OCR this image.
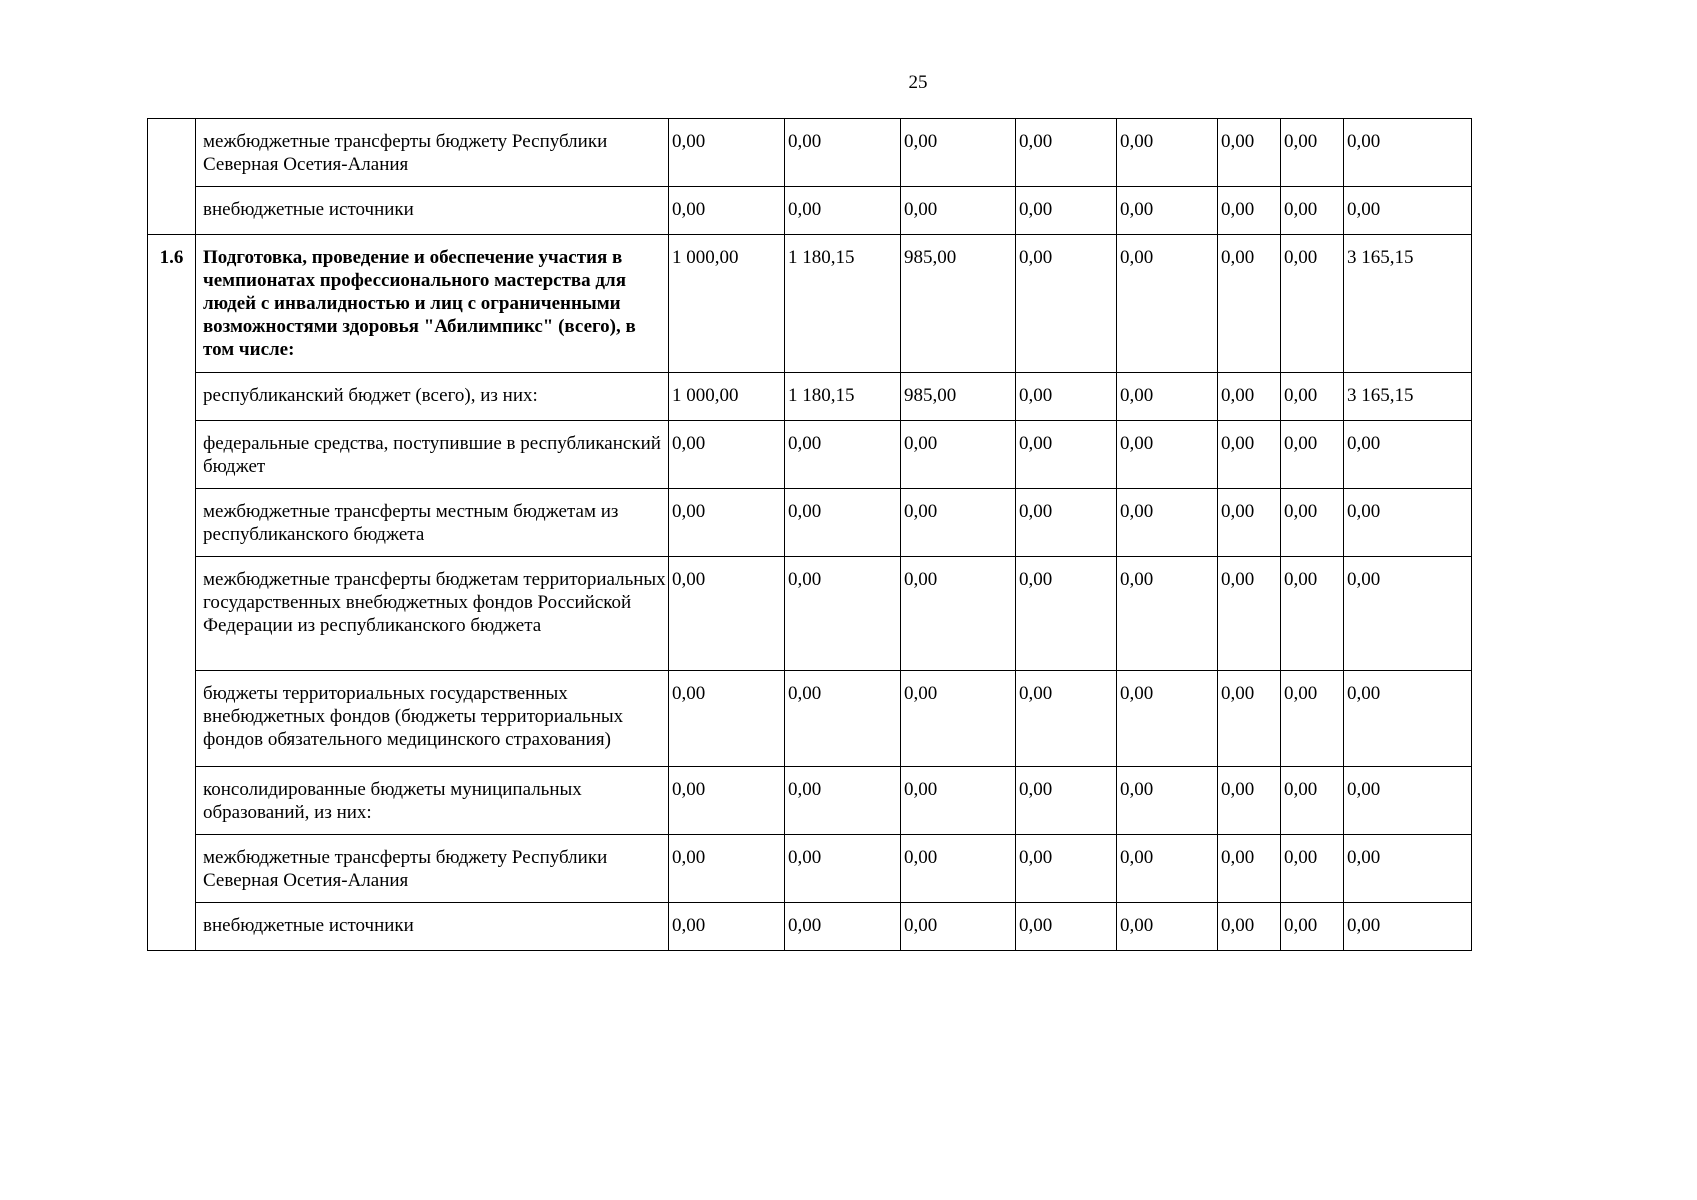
25
	межбюджетные трансферты бюджету Республики Северная Осетия-Алания	0,00	0,00	0,00	0,00	0,00	0,00	0,00	0,00
	внебюджетные источники	0,00	0,00	0,00	0,00	0,00	0,00	0,00	0,00
1.6	Подготовка, проведение и обеспечение участия в чемпионатах профессионального мастерства для людей с инвалидностью и лиц с ограниченными возможностями здоровья "Абилимпикс" (всего), в том числе:	1 000,00	1 180,15	985,00	0,00	0,00	0,00	0,00	3 165,15
	республиканский бюджет (всего), из них:	1 000,00	1 180,15	985,00	0,00	0,00	0,00	0,00	3 165,15
	федеральные средства, поступившие в республиканский бюджет	0,00	0,00	0,00	0,00	0,00	0,00	0,00	0,00
	межбюджетные трансферты местным бюджетам из республиканского бюджета	0,00	0,00	0,00	0,00	0,00	0,00	0,00	0,00
	межбюджетные трансферты бюджетам территориальных государственных внебюджетных фондов Российской Федерации из республиканского бюджета	0,00	0,00	0,00	0,00	0,00	0,00	0,00	0,00
	бюджеты территориальных государственных внебюджетных фондов (бюджеты территориальных фондов обязательного медицинского страхования)	0,00	0,00	0,00	0,00	0,00	0,00	0,00	0,00
	консолидированные бюджеты муниципальных образований, из них:	0,00	0,00	0,00	0,00	0,00	0,00	0,00	0,00
	межбюджетные трансферты бюджету Республики Северная Осетия-Алания	0,00	0,00	0,00	0,00	0,00	0,00	0,00	0,00
	внебюджетные источники	0,00	0,00	0,00	0,00	0,00	0,00	0,00	0,00
